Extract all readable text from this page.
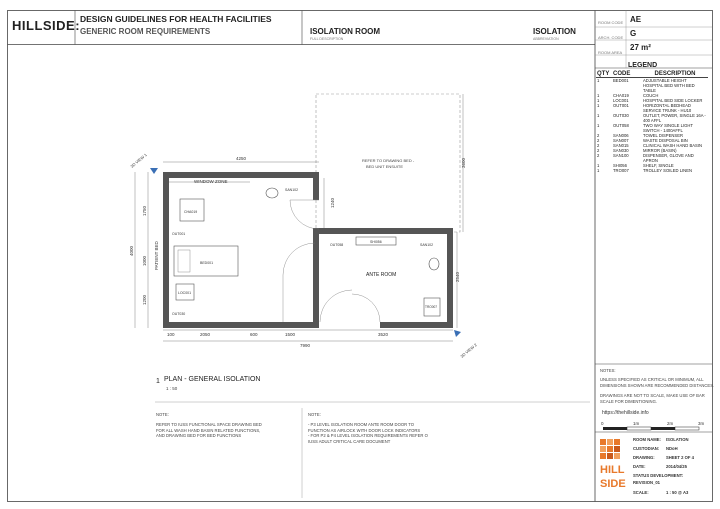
HILLSIDE: DESIGN GUIDELINES FOR HEALTH FACILITIES
GENERIC ROOM REQUIREMENTS	ISOLATION ROOM
FULL DESCRIPTION
ISOLATION
ABBREVIATION
ROOM CODE AE
ARCH. CODE G
ROOM AREA
27 m²
LEGEND
QTY	CODE	DESCRIPTION
1	BED001	ADJUSTABLE HEIGHT HOSPITAL BED WITH BED TABLE
1	CHA019	COUCH
1	LOC001	HOSPITAL BED SIDE LOCKER
1	OUT001	HORIZONTAL BEDHEAD SERVICE TRUNK - HU10
1	OUT030	OUTLET, POWER, SINGLE 16A - 400 AFFL
1	OUT058	TWO WAY SINGLE LIGHT SWITCH - 1400AFFL
2	SAN006	TOWEL DISPENSER
2	SAN007	WASTE DISPOSAL BIN
2	SAN015	CLINICAL WASH HAND BASIN
2	SAN030	MIRROR (BASIN)
2	SAN100	DISPENSER, GLOVE AND APRON
1	SHI056	SHELF, SINGLE
1	TRO007	TROLLEY SOILED LINEN
WINDOW ZONE
CHA019
BED001
LOC001
OUT001
OUT030
SAN102
OUT058
SHI056
SAN102
TRO007
ANTE ROOM
REFER TO DRAWING BED -
BED UNIT ENSUITE
4250	3600
1240
2540
4000
1750
1000
1200
PATIENT BED
100	2050	600	1500	3520
7990
3D VIEW 1
3D VIEW 2
1 PLAN - GENERAL ISOLATION
1 : 50
NOTE:
REFER TO IUSS FUNCTIONAL SPACE DRAWING BED
FOR ALL WASH HAND BASIN RELATED FUNCTIONS,
AND DRAWING BED FOR BED FUNCTIONS
NOTE:
- P3 LEVEL ISOLATION ROOM ANTE ROOM DOOR TO
FUNCTION AS AIRLOCK WITH DOOR LOCK INDICATORS
- FOR P2 & P4 LEVEL ISOLATION REQUIREMENTS REFER O
IUSS ADULT CRITICAL CARE DOCUMENT
NOTES:
UNLESS SPECIFIED AS CRITICAL OR MINIMUM, ALL
DIMENSIONS SHOWN ARE RECOMMENDED DISTANCES.
DRAWINGS ARE NOT TO SCALE, MAKE USE OF BAR
SCALE FOR DIMENTIONING.
https://thehillside.info
0	1m	2m	3m
HILL
SIDE
ROOM NAME: ISOLATION
CUSTODIAN: NDoH
DRAWING:	SHEET 2 OF 4
DATE:	2014/04/25
STATUS DEVELOPMENT:
REVISION_01
SCALE:	1 : 50 @ A3
